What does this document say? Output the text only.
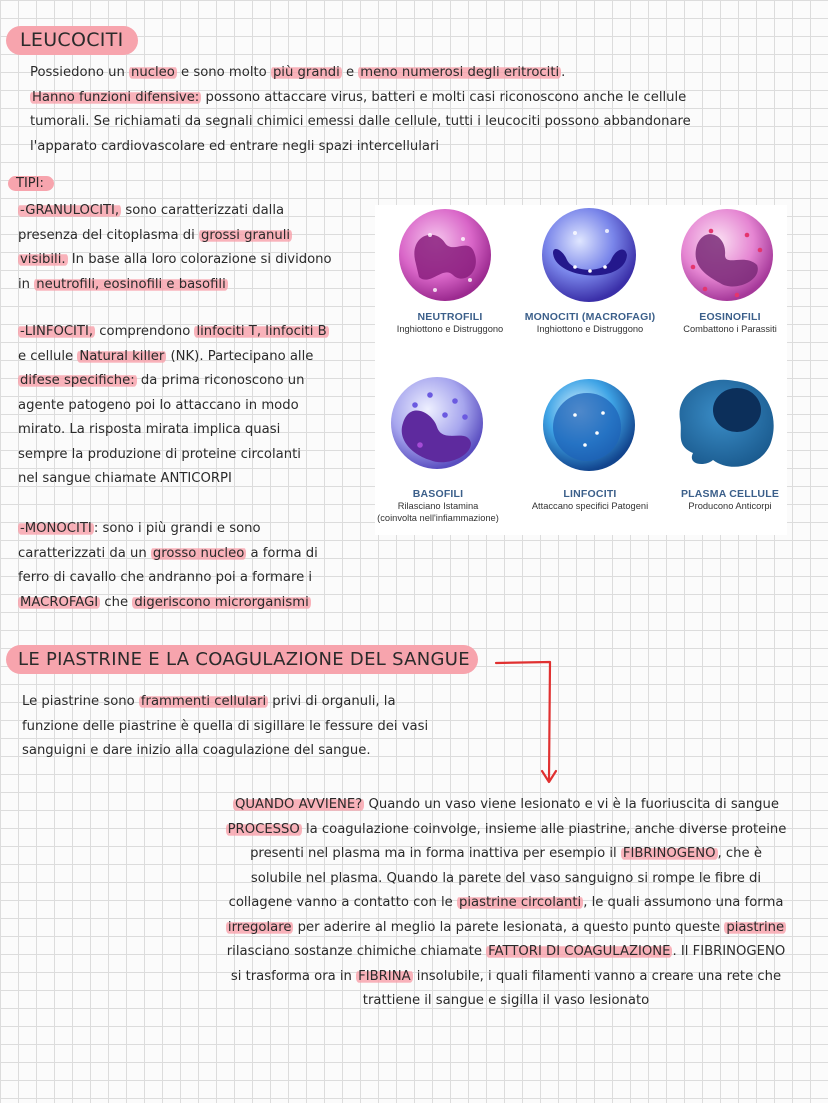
LEUCOCITI

Possiedono un nucleo e sono molto più grandi e meno numerosi degli eritrociti .

Hanno funzioni difensive: possono attaccare virus, batteri e molti casi riconoscono anche le cellule

tumorali. Se richiamati da segnali chimici emessi dalle cellule, tutti i leucociti possono abbandonare

l'apparato cardiovascolare ed entrare negli spazi intercellulari

TIPI:

-GRANULOCITI, sono caratterizzati dalla

presenza del citoplasma di grossi granuli

visibili. In base alla loro colorazione si dividono

in neutrofili, eosinofili e basofili

-LINFOCITI, comprendono linfociti T, linfociti B

e cellule Natural killer (NK). Partecipano alle

difese specifiche: da prima riconoscono un

agente patogeno poi lo attaccano in modo

mirato. La risposta mirata implica quasi

sempre la produzione di proteine circolanti

nel sangue chiamate ANTICORPI

-MONOCITI : sono i più grandi e sono

caratterizzati da un grosso nucleo a forma di

ferro di cavallo che andranno poi a formare i

MACROFAGI che digeriscono microrganismi

NEUTROFILI
Inghiottono e Distruggono
MONOCITI (MACROFAGI)
Inghiottono e Distruggono
EOSINOFILI
Combattono i Parassiti
BASOFILI
Rilasciano Istamina
(coinvolta nell'infiammazione)
LINFOCITI
Attaccano specifici Patogeni
PLASMA CELLULE
Producono Anticorpi
LE PIASTRINE E LA COAGULAZIONE DEL SANGUE

Le piastrine sono frammenti cellulari privi di organuli, la

funzione delle piastrine è quella di sigillare le fessure dei vasi

sanguigni e dare inizio alla coagulazione del sangue.

QUANDO AVVIENE? Quando un vaso viene lesionato e vi è la fuoriuscita di sangue

PROCESSO la coagulazione coinvolge, insieme alle piastrine, anche diverse proteine

presenti nel plasma ma in forma inattiva per esempio il FIBRINOGENO , che è

solubile nel plasma. Quando la parete del vaso sanguigno si rompe le fibre di

collagene vanno a contatto con le piastrine circolanti , le quali assumono una forma

irregolare per aderire al meglio la parete lesionata, a questo punto queste piastrine

rilasciano sostanze chimiche chiamate FATTORI DI COAGULAZIONE . Il FIBRINOGENO

si trasforma ora in FIBRINA insolubile, i quali filamenti vanno a creare una rete che

trattiene il sangue e sigilla il vaso lesionato
